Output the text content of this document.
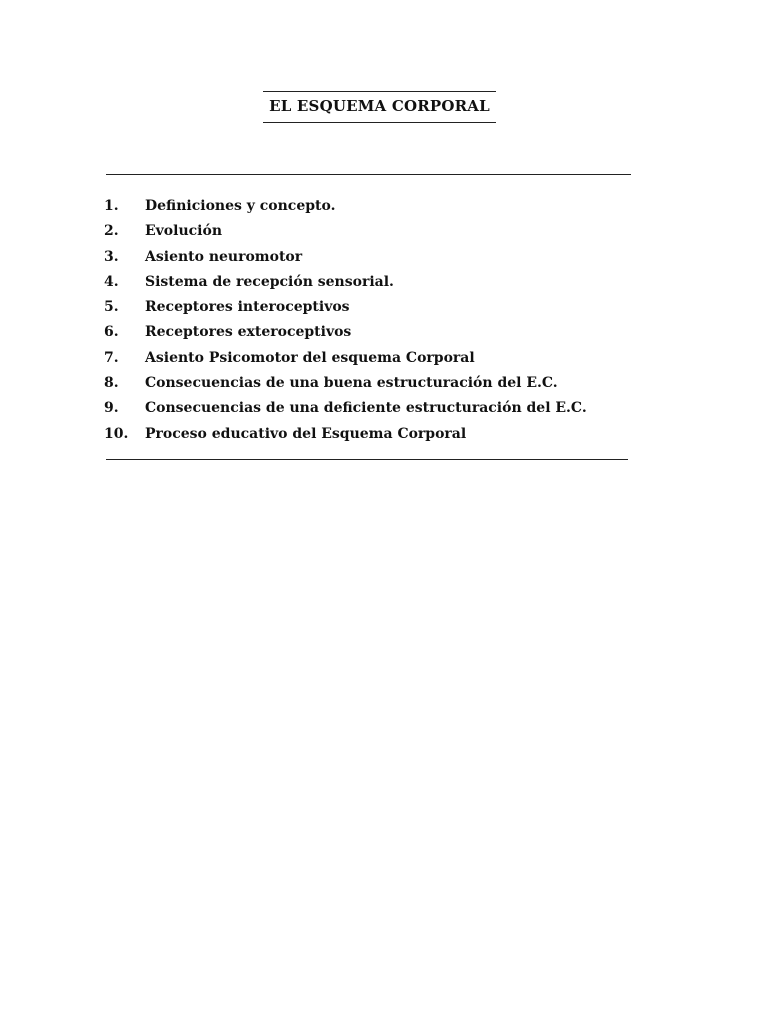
EL ESQUEMA CORPORAL
1.	Definiciones y concepto.
2.	Evolución
3.	Asiento neuromotor
4.	Sistema de recepción sensorial.
5.	Receptores interoceptivos
6.	Receptores exteroceptivos
7.	Asiento Psicomotor del esquema Corporal
8.	Consecuencias de una buena estructuración del E.C.
9.	Consecuencias de una deficiente estructuración del E.C.
10.	Proceso educativo del Esquema Corporal
